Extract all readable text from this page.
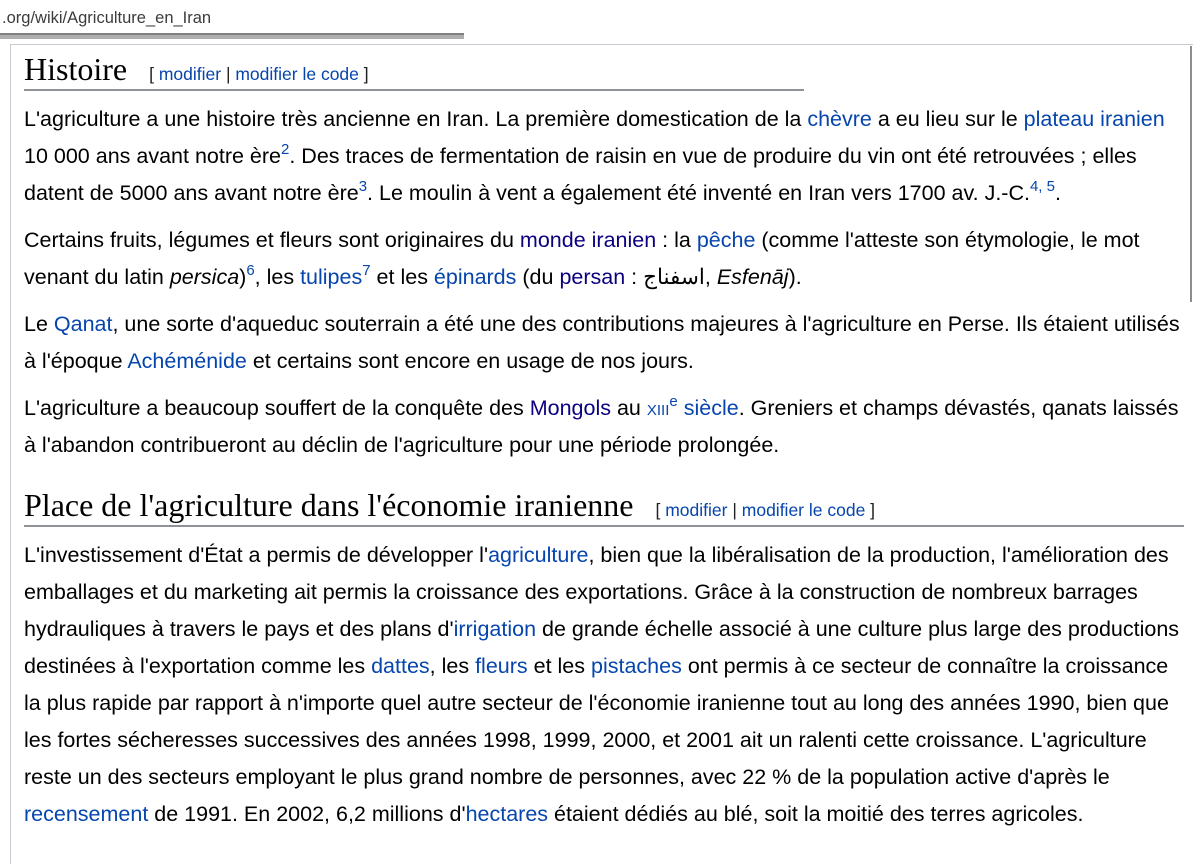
.org/wiki/Agriculture_en_Iran
Histoire [ modifier | modifier le code ]

L'agriculture a une histoire très ancienne en Iran. La première domestication de la chèvre a eu lieu sur le plateau iranien 10 000 ans avant notre ère$^2$. Des traces de fermentation de raisin en vue de produire du vin ont été retrouvées ; elles datent de 5000 ans avant notre ère$^3$. Le moulin à vent a également été inventé en Iran vers 1700 av. J.-C.$^{4, 5}$.

Certains fruits, légumes et fleurs sont originaires du monde iranien : la pêche (comme l'atteste son étymologie, le mot venant du latin persica)$^6$, les tulipes$^7$ et les épinards (du persan : اسفناج, Esfenāj).

Le Qanat, une sorte d'aqueduc souterrain a été une des contributions majeures à l'agriculture en Perse. Ils étaient utilisés à l'époque Achéménide et certains sont encore en usage de nos jours.

L'agriculture a beaucoup souffert de la conquête des Mongols au xiii$^e$ siècle. Greniers et champs dévastés, qanats laissés à l'abandon contribueront au déclin de l'agriculture pour une période prolongée.

Place de l'agriculture dans l'économie iranienne [ modifier | modifier le code ]

L'investissement d'État a permis de développer l'agriculture, bien que la libéralisation de la production, l'amélioration des emballages et du marketing ait permis la croissance des exportations. Grâce à la construction de nombreux barrages hydrauliques à travers le pays et des plans d'irrigation de grande échelle associé à une culture plus large des productions destinées à l'exportation comme les dattes, les fleurs et les pistaches ont permis à ce secteur de connaître la croissance la plus rapide par rapport à n'importe quel autre secteur de l'économie iranienne tout au long des années 1990, bien que les fortes sécheresses successives des années 1998, 1999, 2000, et 2001 ait un ralenti cette croissance. L'agriculture reste un des secteurs employant le plus grand nombre de personnes, avec 22 % de la population active d'après le recensement de 1991. En 2002, 6,2 millions d'hectares étaient dédiés au blé, soit la moitié des terres agricoles.
